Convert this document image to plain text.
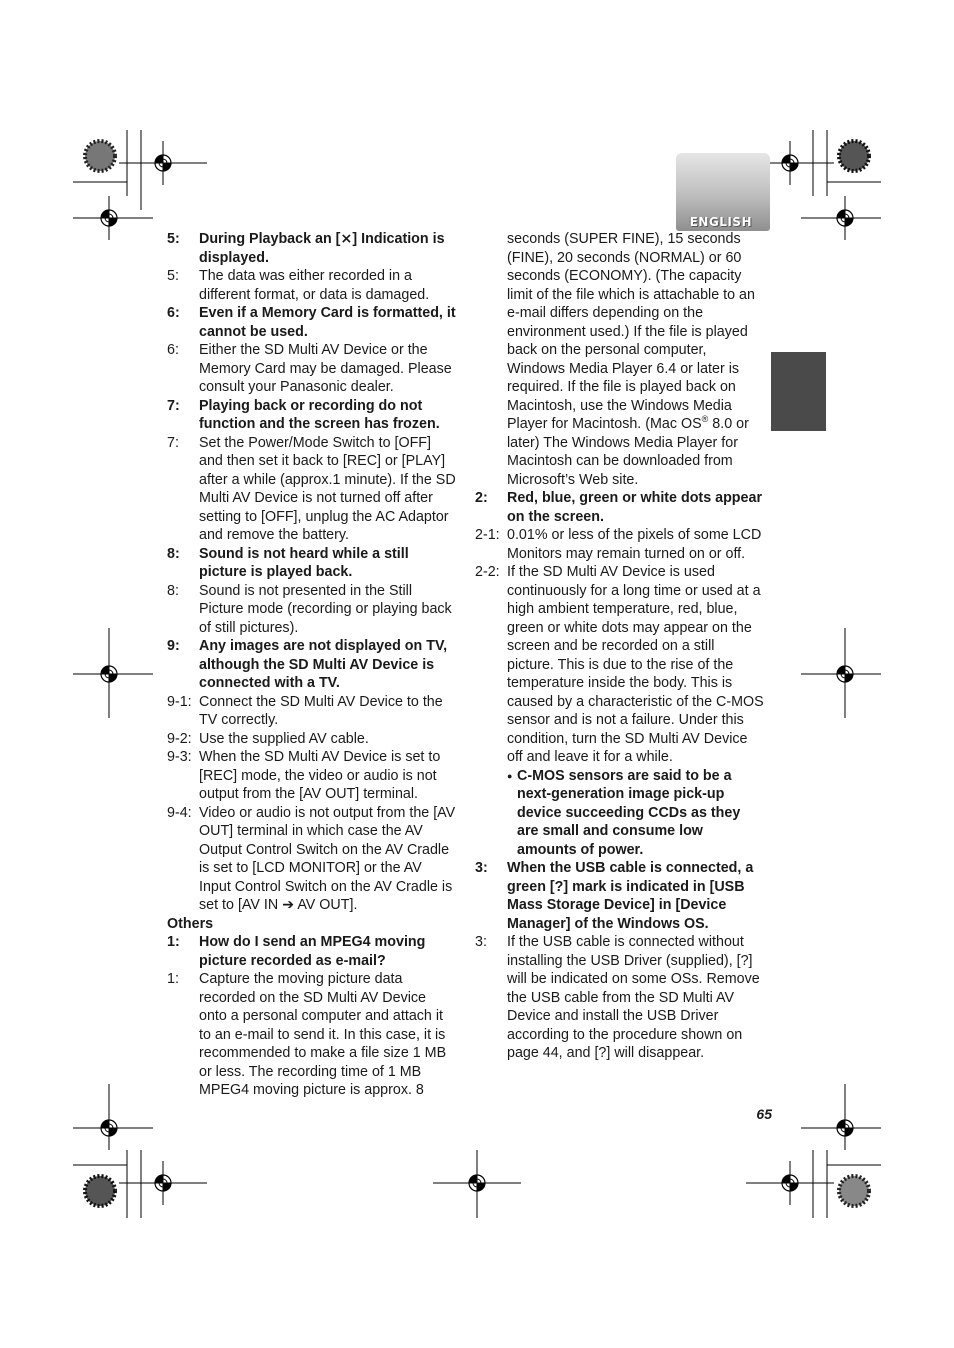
ENGLISH
5:	During Playback an [⨯] Indication is displayed.
5:	The data was either recorded in a different format, or data is damaged.
6:	Even if a Memory Card is formatted, it cannot be used.
6:	Either the SD Multi AV Device or the Memory Card may be damaged. Please consult your Panasonic dealer.
7:	Playing back or recording do not function and the screen has frozen.
7:	Set the Power/Mode Switch to [OFF] and then set it back to [REC] or [PLAY] after a while (approx.1 minute). If the SD Multi AV Device is not turned off after setting to [OFF], unplug the AC Adaptor and remove the battery.
8:	Sound is not heard while a still picture is played back.
8:	Sound is not presented in the Still Picture mode (recording or playing back of still pictures).
9:	Any images are not displayed on TV, although the SD Multi AV Device is connected with a TV.
9-1: Connect the SD Multi AV Device to the TV correctly.
9-2: Use the supplied AV cable.
9-3: When the SD Multi AV Device is set to [REC] mode, the video or audio is not output from the [AV OUT] terminal.
9-4: Video or audio is not output from the [AV OUT] terminal in which case the AV Output Control Switch on the AV Cradle is set to [LCD MONITOR] or the AV Input Control Switch on the AV Cradle is set to [AV IN ➔ AV OUT].
Others
1:	How do I send an MPEG4 moving picture recorded as e-mail?
1:	Capture the moving picture data recorded on the SD Multi AV Device onto a personal computer and attach it to an e-mail to send it. In this case, it is recommended to make a file size 1 MB or less. The recording time of 1 MB MPEG4 moving picture is approx. 8
seconds (SUPER FINE), 15 seconds (FINE), 20 seconds (NORMAL) or 60 seconds (ECONOMY). (The capacity limit of the file which is attachable to an e-mail differs depending on the environment used.) If the file is played back on the personal computer, Windows Media Player 6.4 or later is required. If the file is played back on Macintosh, use the Windows Media Player for Macintosh. (Mac OS® 8.0 or later) The Windows Media Player for Macintosh can be downloaded from Microsoft’s Web site.
2:	Red, blue, green or white dots appear on the screen.
2-1: 0.01% or less of the pixels of some LCD Monitors may remain turned on or off.
2-2: If the SD Multi AV Device is used continuously for a long time or used at a high ambient temperature, red, blue, green or white dots may appear on the screen and be recorded on a still picture. This is due to the rise of the temperature inside the body. This is caused by a characteristic of the C-MOS sensor and is not a failure. Under this condition, turn the SD Multi AV Device off and leave it for a while.
● C-MOS sensors are said to be a next-generation image pick-up device succeeding CCDs as they are small and consume low amounts of power.
3:	When the USB cable is connected, a green [?] mark is indicated in [USB Mass Storage Device] in [Device Manager] of the Windows OS.
3:	If the USB cable is connected without installing the USB Driver (supplied), [?] will be indicated on some OSs. Remove the USB cable from the SD Multi AV Device and install the USB Driver according to the procedure shown on page 44, and [?] will disappear.
65
